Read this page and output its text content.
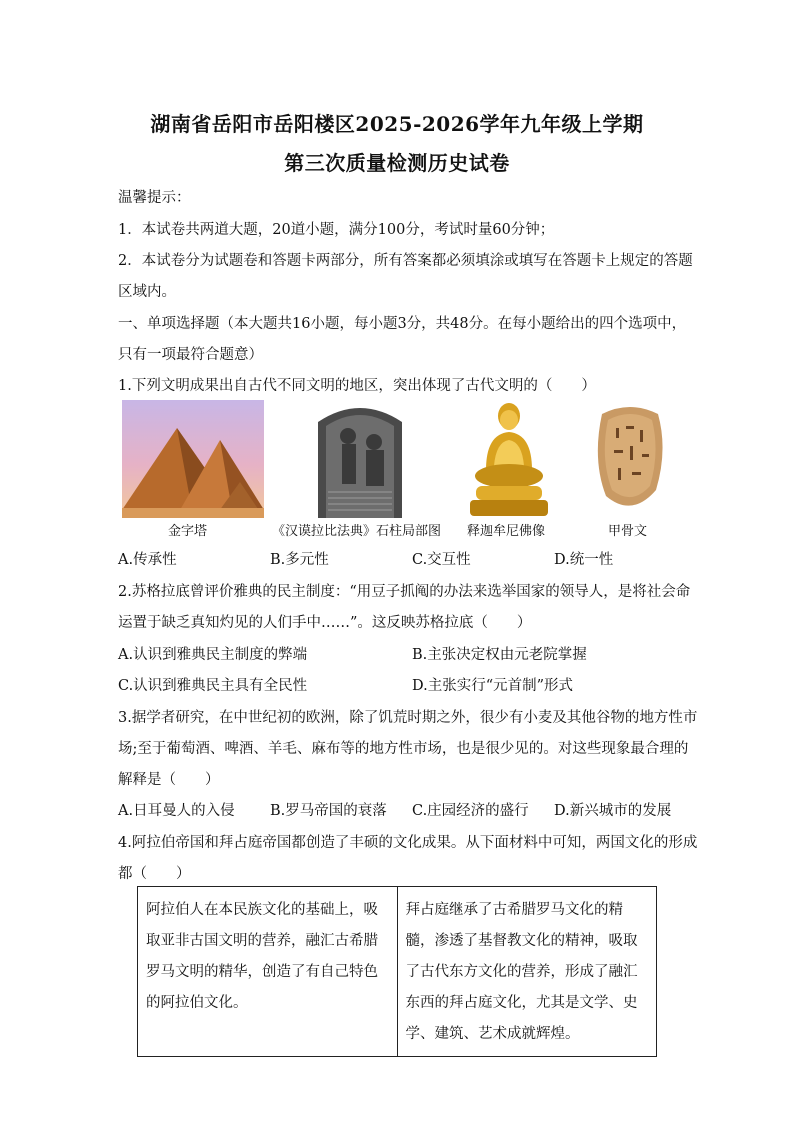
湖南省岳阳市岳阳楼区2025-2026学年九年级上学期
第三次质量检测历史试卷
温馨提示：
1．本试卷共两道大题，20道小题，满分100分，考试时量60分钟；
2．本试卷分为试题卷和答题卡两部分，所有答案都必须填涂或填写在答题卡上规定的答题
区域内。
一、单项选择题（本大题共16小题，每小题3分，共48分。在每小题给出的四个选项中，
只有一项最符合题意）
1.下列文明成果出自古代不同文明的地区，突出体现了古代文明的（　　）
金字塔	《汉谟拉比法典》石柱局部图 释迦牟尼佛像	甲骨文
A.传承性	B.多元性	C.交互性	D.统一性
2.苏格拉底曾评价雅典的民主制度：“用豆子抓阄的办法来选举国家的领导人，是将社会命
运置于缺乏真知灼见的人们手中……”。这反映苏格拉底（　　）
A.认识到雅典民主制度的弊端	B.主张决定权由元老院掌握
C.认识到雅典民主具有全民性	D.主张实行“元首制”形式
3.据学者研究，在中世纪初的欧洲，除了饥荒时期之外，很少有小麦及其他谷物的地方性市
场;至于葡萄酒、啤酒、羊毛、麻布等的地方性市场，也是很少见的。对这些现象最合理的
解释是（　　）
A.日耳曼人的入侵 B.罗马帝国的衰落 C.庄园经济的盛行 D.新兴城市的发展
4.阿拉伯帝国和拜占庭帝国都创造了丰硕的文化成果。从下面材料中可知，两国文化的形成
都（　　）
阿拉伯人在本民族文化的基础上，吸取亚非古国文明的营养，融汇古希腊罗马文明的精华，创造了有自己特色的阿拉伯文化。	拜占庭继承了古希腊罗马文化的精髓，渗透了基督教文化的精神，吸取了古代东方文化的营养，形成了融汇东西的拜占庭文化，尤其是文学、史学、建筑、艺术成就辉煌。
